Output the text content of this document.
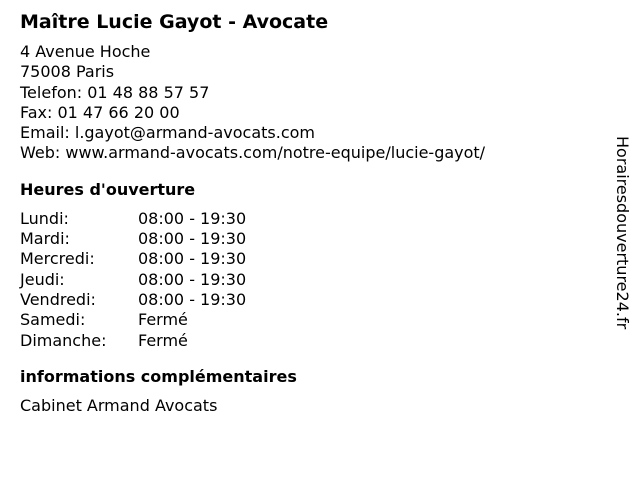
Maître Lucie Gayot - Avocate
4 Avenue Hoche
75008 Paris
Telefon: 01 48 88 57 57
Fax: 01 47 66 20 00
Email: l.gayot@armand-avocats.com
Web: www.armand-avocats.com/notre-equipe/lucie-gayot/
Heures d'ouverture
Lundi:	08:00 - 19:30
Mardi:	08:00 - 19:30
Mercredi:	08:00 - 19:30
Jeudi:	08:00 - 19:30
Vendredi:	08:00 - 19:30
Samedi:	Fermé
Dimanche:	Fermé
informations complémentaires
Cabinet Armand Avocats
Horairesdouverture24.fr
